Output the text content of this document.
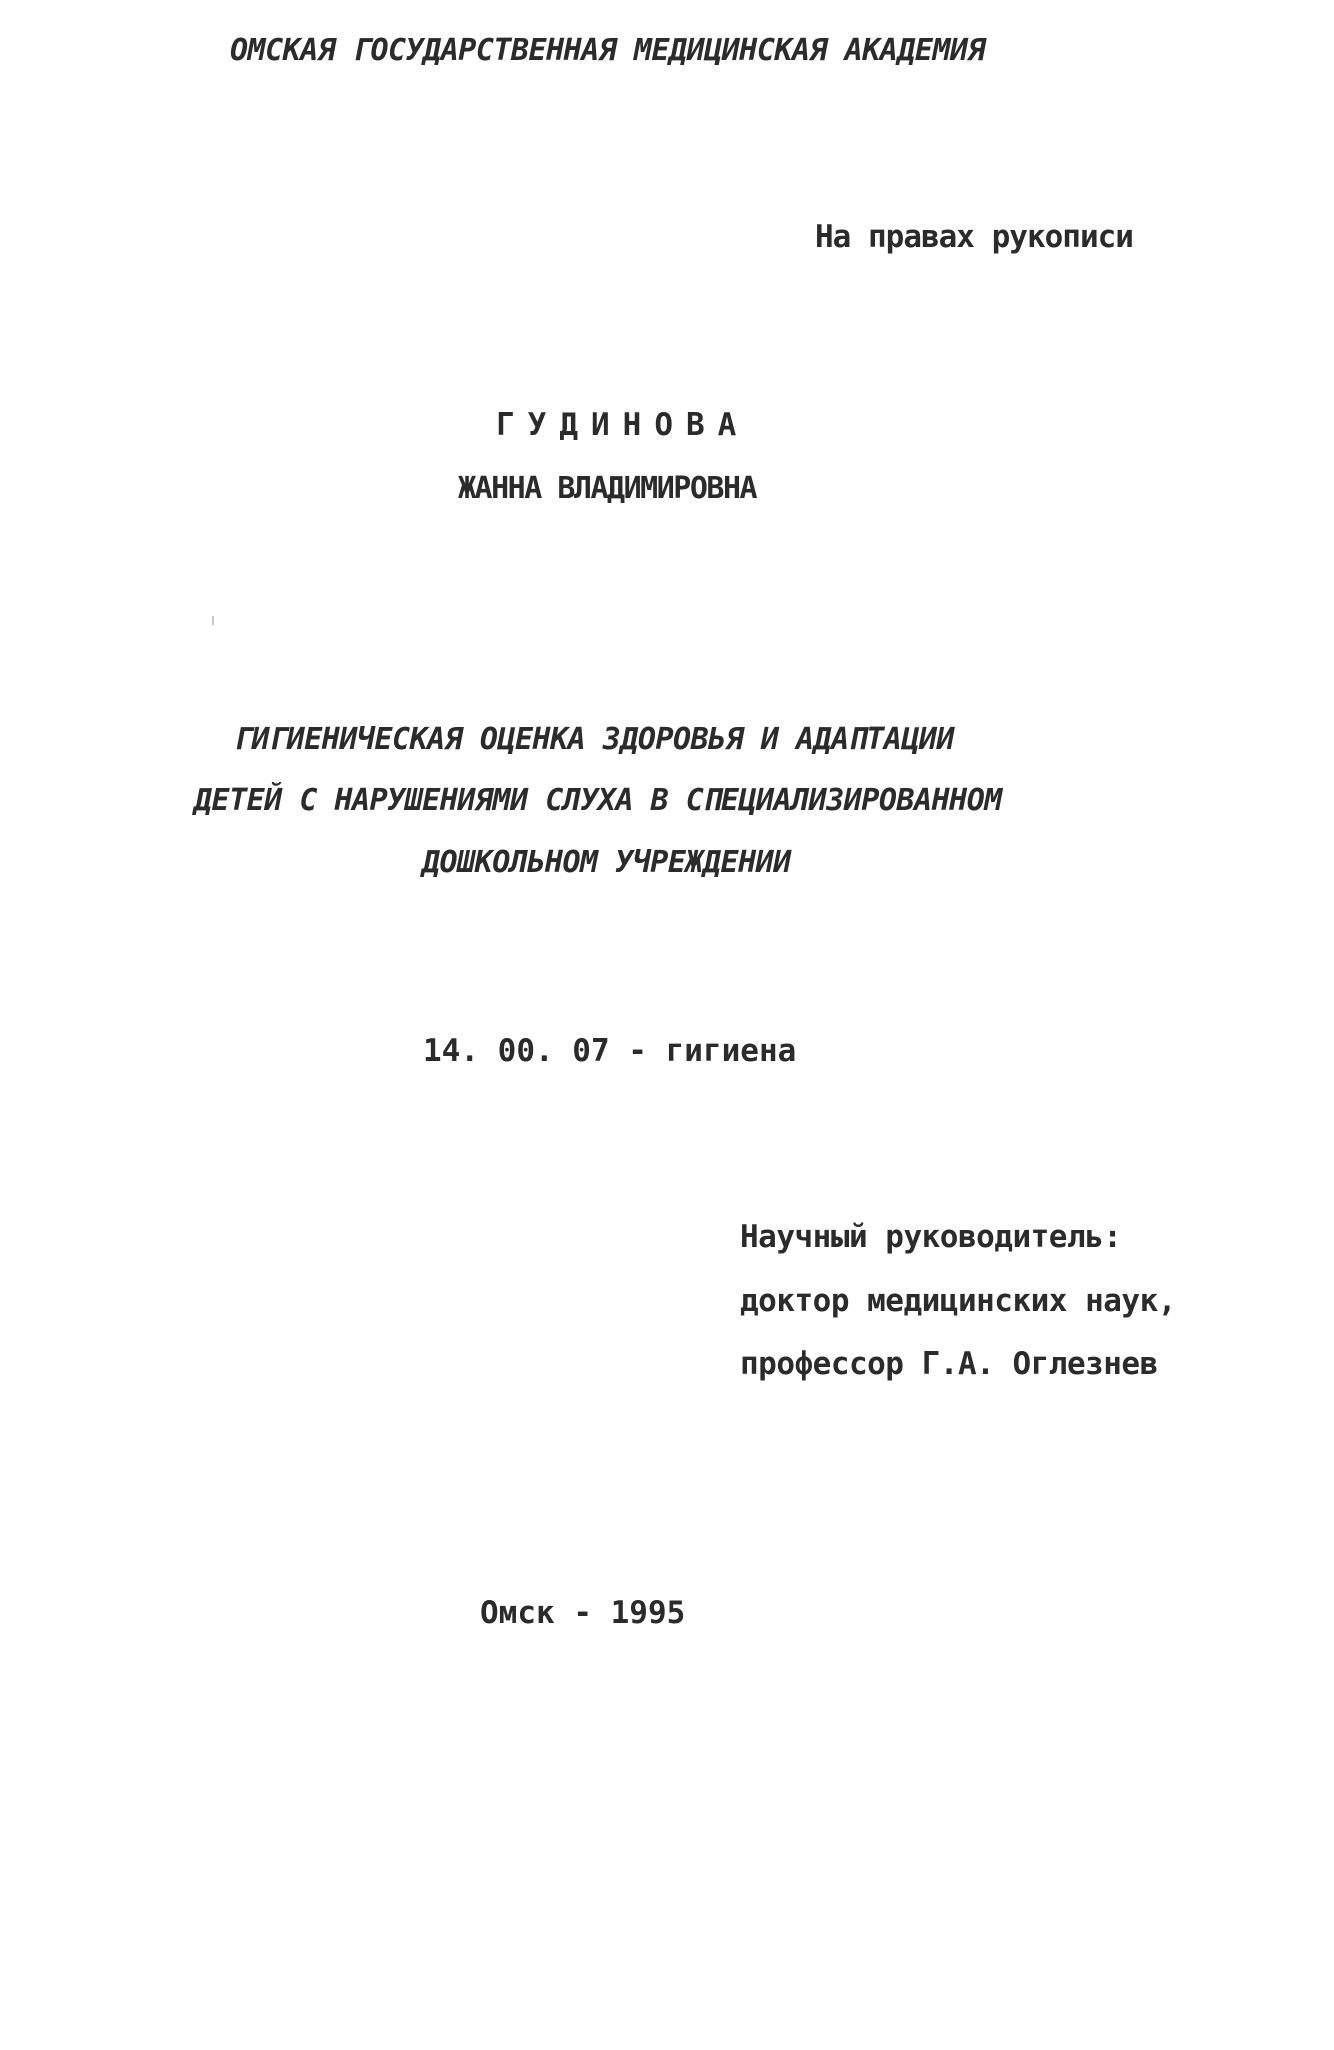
ОМСКАЯ ГОСУДАРСТВЕННАЯ МЕДИЦИНСКАЯ АКАДЕМИЯ

На правах рукописи

ГУДИНОВА

ЖАННА ВЛАДИМИРОВНА

ГИГИЕНИЧЕСКАЯ ОЦЕНКА ЗДОРОВЬЯ И АДАПТАЦИИ

ДЕТЕЙ С НАРУШЕНИЯМИ СЛУХА В СПЕЦИАЛИЗИРОВАННОМ

ДОШКОЛЬНОМ УЧРЕЖДЕНИИ

14. 00. 07 - гигиена

Научный руководитель:

доктор медицинских наук,

профессор Г.А. Оглезнев

Омск - 1995
